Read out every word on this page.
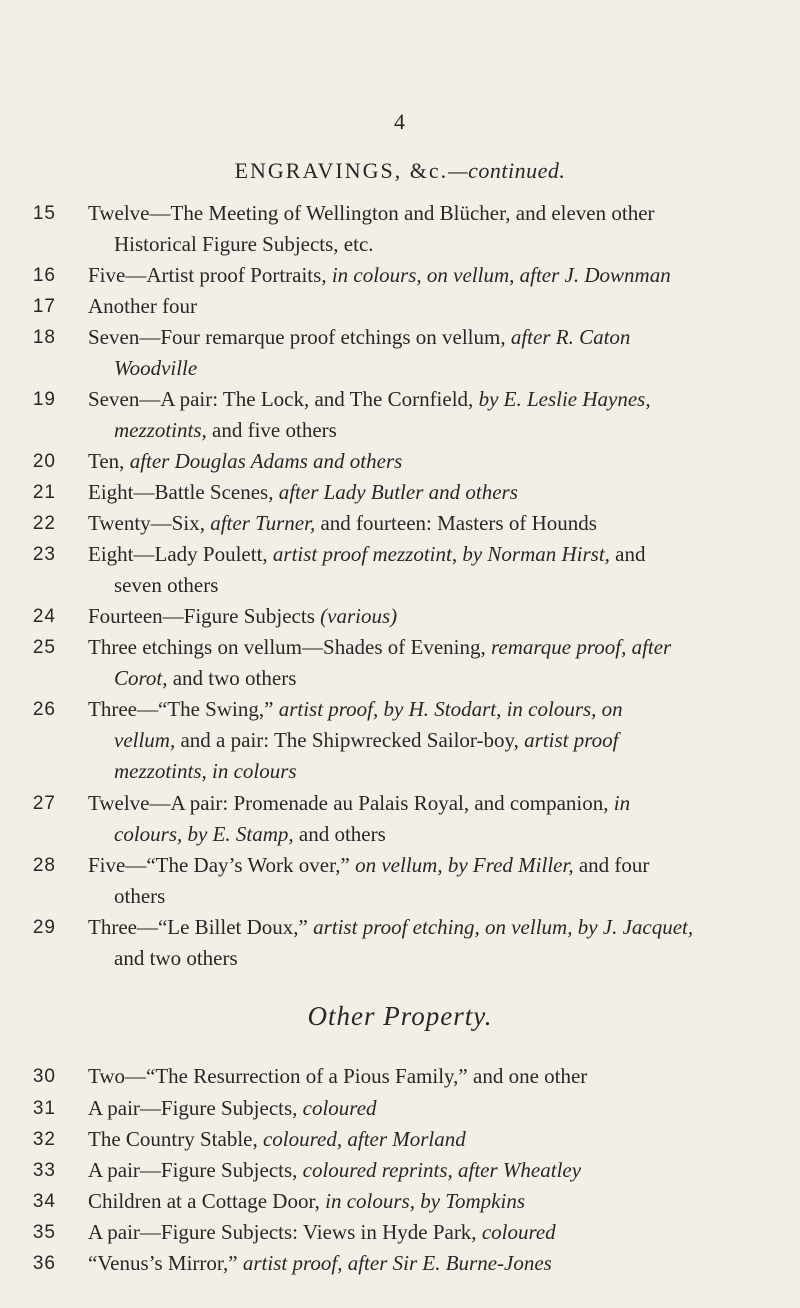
4
ENGRAVINGS, &c.—continued.
15 Twelve—The Meeting of Wellington and Blücher, and eleven other
Historical Figure Subjects, etc.
16 Five—Artist proof Portraits, in colours, on vellum, after J. Downman
17 Another four
18 Seven—Four remarque proof etchings on vellum, after R. Caton
Woodville
19 Seven—A pair: The Lock, and The Cornfield, by E. Leslie Haynes,
mezzotints, and five others
20 Ten, after Douglas Adams and others
21 Eight—Battle Scenes, after Lady Butler and others
22 Twenty—Six, after Turner, and fourteen: Masters of Hounds
23 Eight—Lady Poulett, artist proof mezzotint, by Norman Hirst, and
seven others
24 Fourteen—Figure Subjects (various)
25 Three etchings on vellum—Shades of Evening, remarque proof, after
Corot, and two others
26 Three—“The Swing,” artist proof, by H. Stodart, in colours, on
vellum, and a pair: The Shipwrecked Sailor-boy, artist proof
mezzotints, in colours
27 Twelve—A pair: Promenade au Palais Royal, and companion, in
colours, by E. Stamp, and others
28 Five—“The Day’s Work over,” on vellum, by Fred Miller, and four
others
29 Three—“Le Billet Doux,” artist proof etching, on vellum, by J. Jacquet,
and two others
Other Property.
30 Two—“The Resurrection of a Pious Family,” and one other
31 A pair—Figure Subjects, coloured
32 The Country Stable, coloured, after Morland
33 A pair—Figure Subjects, coloured reprints, after Wheatley
34 Children at a Cottage Door, in colours, by Tompkins
35 A pair—Figure Subjects: Views in Hyde Park, coloured
36 “Venus’s Mirror,” artist proof, after Sir E. Burne-Jones
